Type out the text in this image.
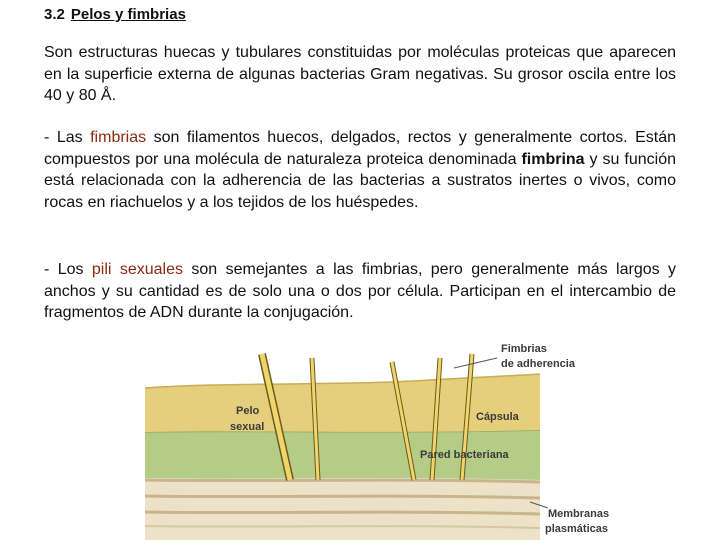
3.2 Pelos y fimbrias
Son estructuras huecas y tubulares constituidas por moléculas proteicas que aparecen en la superficie externa de algunas bacterias Gram negativas. Su grosor oscila entre los 40 y 80 Å.
- Las fimbrias son filamentos huecos, delgados, rectos y generalmente cortos. Están compuestos por una molécula de naturaleza proteica denominada fimbrina y su función está relacionada con la adherencia de las bacterias a sustratos inertes o vivos, como rocas en riachuelos y a los tejidos de los huéspedes.
- Los pili sexuales son semejantes a las fimbrias, pero generalmente más largos y anchos y su cantidad es de solo una o dos por célula. Participan en el intercambio de fragmentos de ADN durante la conjugación.
Fimbrias
de adherencia
Pelo
sexual
Cápsula
Pared bacteriana
Membranas
plasmáticas
